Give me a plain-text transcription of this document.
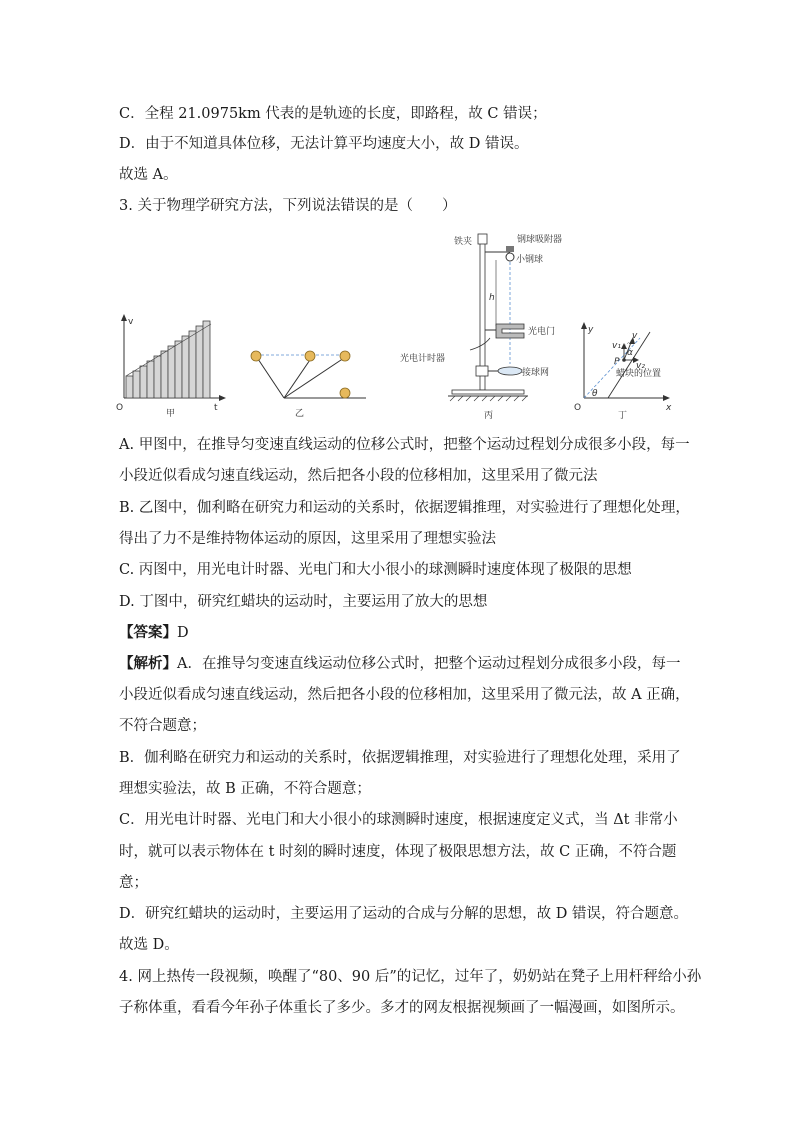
C．全程 21.0975km 代表的是轨迹的长度，即路程，故 C 错误；
D．由于不知道具体位移，无法计算平均速度大小，故 D 错误。
故选 A。
3. 关于物理学研究方法，下列说法错误的是（　　）
v
t
O
甲	乙
h
铁夹	钢球吸附器
小钢球
光电门
光电计时器
接球网
丙
y
x
O
θ
α
v
v₁
v₂
P
蜡块的位置
丁
A. 甲图中，在推导匀变速直线运动的位移公式时，把整个运动过程划分成很多小段，每一
小段近似看成匀速直线运动，然后把各小段的位移相加，这里采用了微元法
B. 乙图中，伽利略在研究力和运动的关系时，依据逻辑推理，对实验进行了理想化处理，
得出了力不是维持物体运动的原因，这里采用了理想实验法
C. 丙图中，用光电计时器、光电门和大小很小的球测瞬时速度体现了极限的思想
D. 丁图中，研究红蜡块的运动时，主要运用了放大的思想
【答案】D
【解析】A．在推导匀变速直线运动位移公式时，把整个运动过程划分成很多小段，每一
小段近似看成匀速直线运动，然后把各小段的位移相加，这里采用了微元法，故 A 正确，
不符合题意；
B．伽利略在研究力和运动的关系时，依据逻辑推理，对实验进行了理想化处理，采用了
理想实验法，故 B 正确，不符合题意；
C．用光电计时器、光电门和大小很小的球测瞬时速度，根据速度定义式，当 Δt 非常小
时，就可以表示物体在 t 时刻的瞬时速度，体现了极限思想方法，故 C 正确，不符合题
意；
D．研究红蜡块的运动时，主要运用了运动的合成与分解的思想，故 D 错误，符合题意。
故选 D。
4. 网上热传一段视频，唤醒了“80、90 后”的记忆，过年了，奶奶站在凳子上用杆秤给小孙
子称体重，看看今年孙子体重长了多少。多才的网友根据视频画了一幅漫画，如图所示。
